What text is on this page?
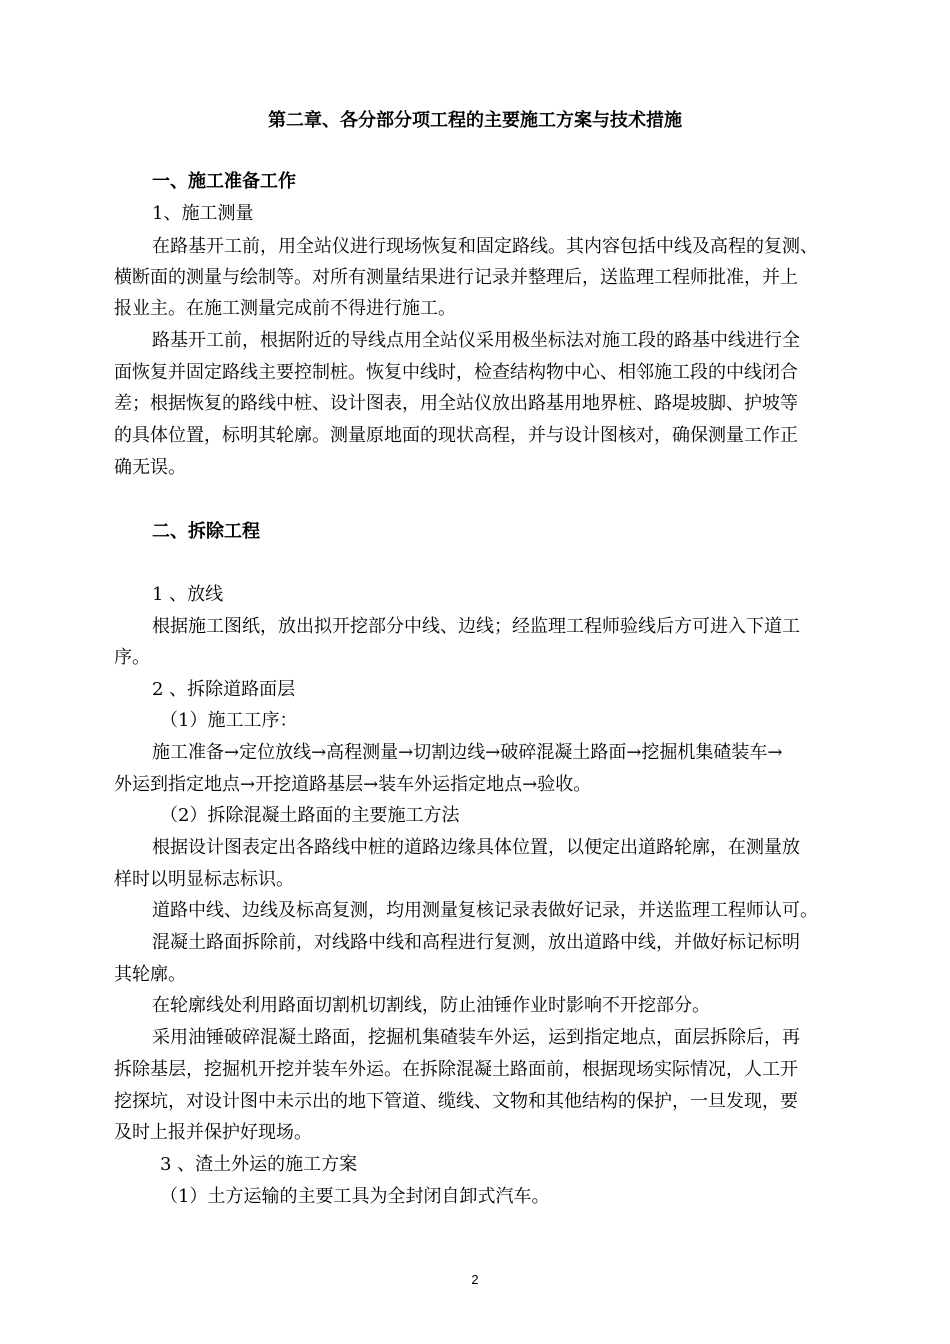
第二章、各分部分项工程的主要施工方案与技术措施
一、施工准备工作
1、施工测量
在路基开工前，用全站仪进行现场恢复和固定路线。其内容包括中线及高程的复测、
横断面的测量与绘制等。对所有测量结果进行记录并整理后，送监理工程师批准，并上
报业主。在施工测量完成前不得进行施工。
路基开工前，根据附近的导线点用全站仪采用极坐标法对施工段的路基中线进行全
面恢复并固定路线主要控制桩。恢复中线时，检查结构物中心、相邻施工段的中线闭合
差；根据恢复的路线中桩、设计图表，用全站仪放出路基用地界桩、路堤坡脚、护坡等
的具体位置，标明其轮廓。测量原地面的现状高程，并与设计图核对，确保测量工作正
确无误。
二、拆除工程
1 、放线
根据施工图纸，放出拟开挖部分中线、边线；经监理工程师验线后方可进入下道工
序。
2 、拆除道路面层
（1）施工工序：
施工准备→定位放线→高程测量→切割边线→破碎混凝土路面→挖掘机集碴装车→
外运到指定地点→开挖道路基层→装车外运指定地点→验收。
（2）拆除混凝土路面的主要施工方法
根据设计图表定出各路线中桩的道路边缘具体位置，以便定出道路轮廓，在测量放
样时以明显标志标识。
道路中线、边线及标高复测，均用测量复核记录表做好记录，并送监理工程师认可。
混凝土路面拆除前，对线路中线和高程进行复测，放出道路中线，并做好标记标明
其轮廓。
在轮廓线处利用路面切割机切割线，防止油锤作业时影响不开挖部分。
采用油锤破碎混凝土路面，挖掘机集碴装车外运，运到指定地点，面层拆除后，再
拆除基层，挖掘机开挖并装车外运。在拆除混凝土路面前，根据现场实际情况，人工开
挖探坑，对设计图中未示出的地下管道、缆线、文物和其他结构的保护，一旦发现，要
及时上报并保护好现场。
3 、渣土外运的施工方案
（1）土方运输的主要工具为全封闭自卸式汽车。
2
